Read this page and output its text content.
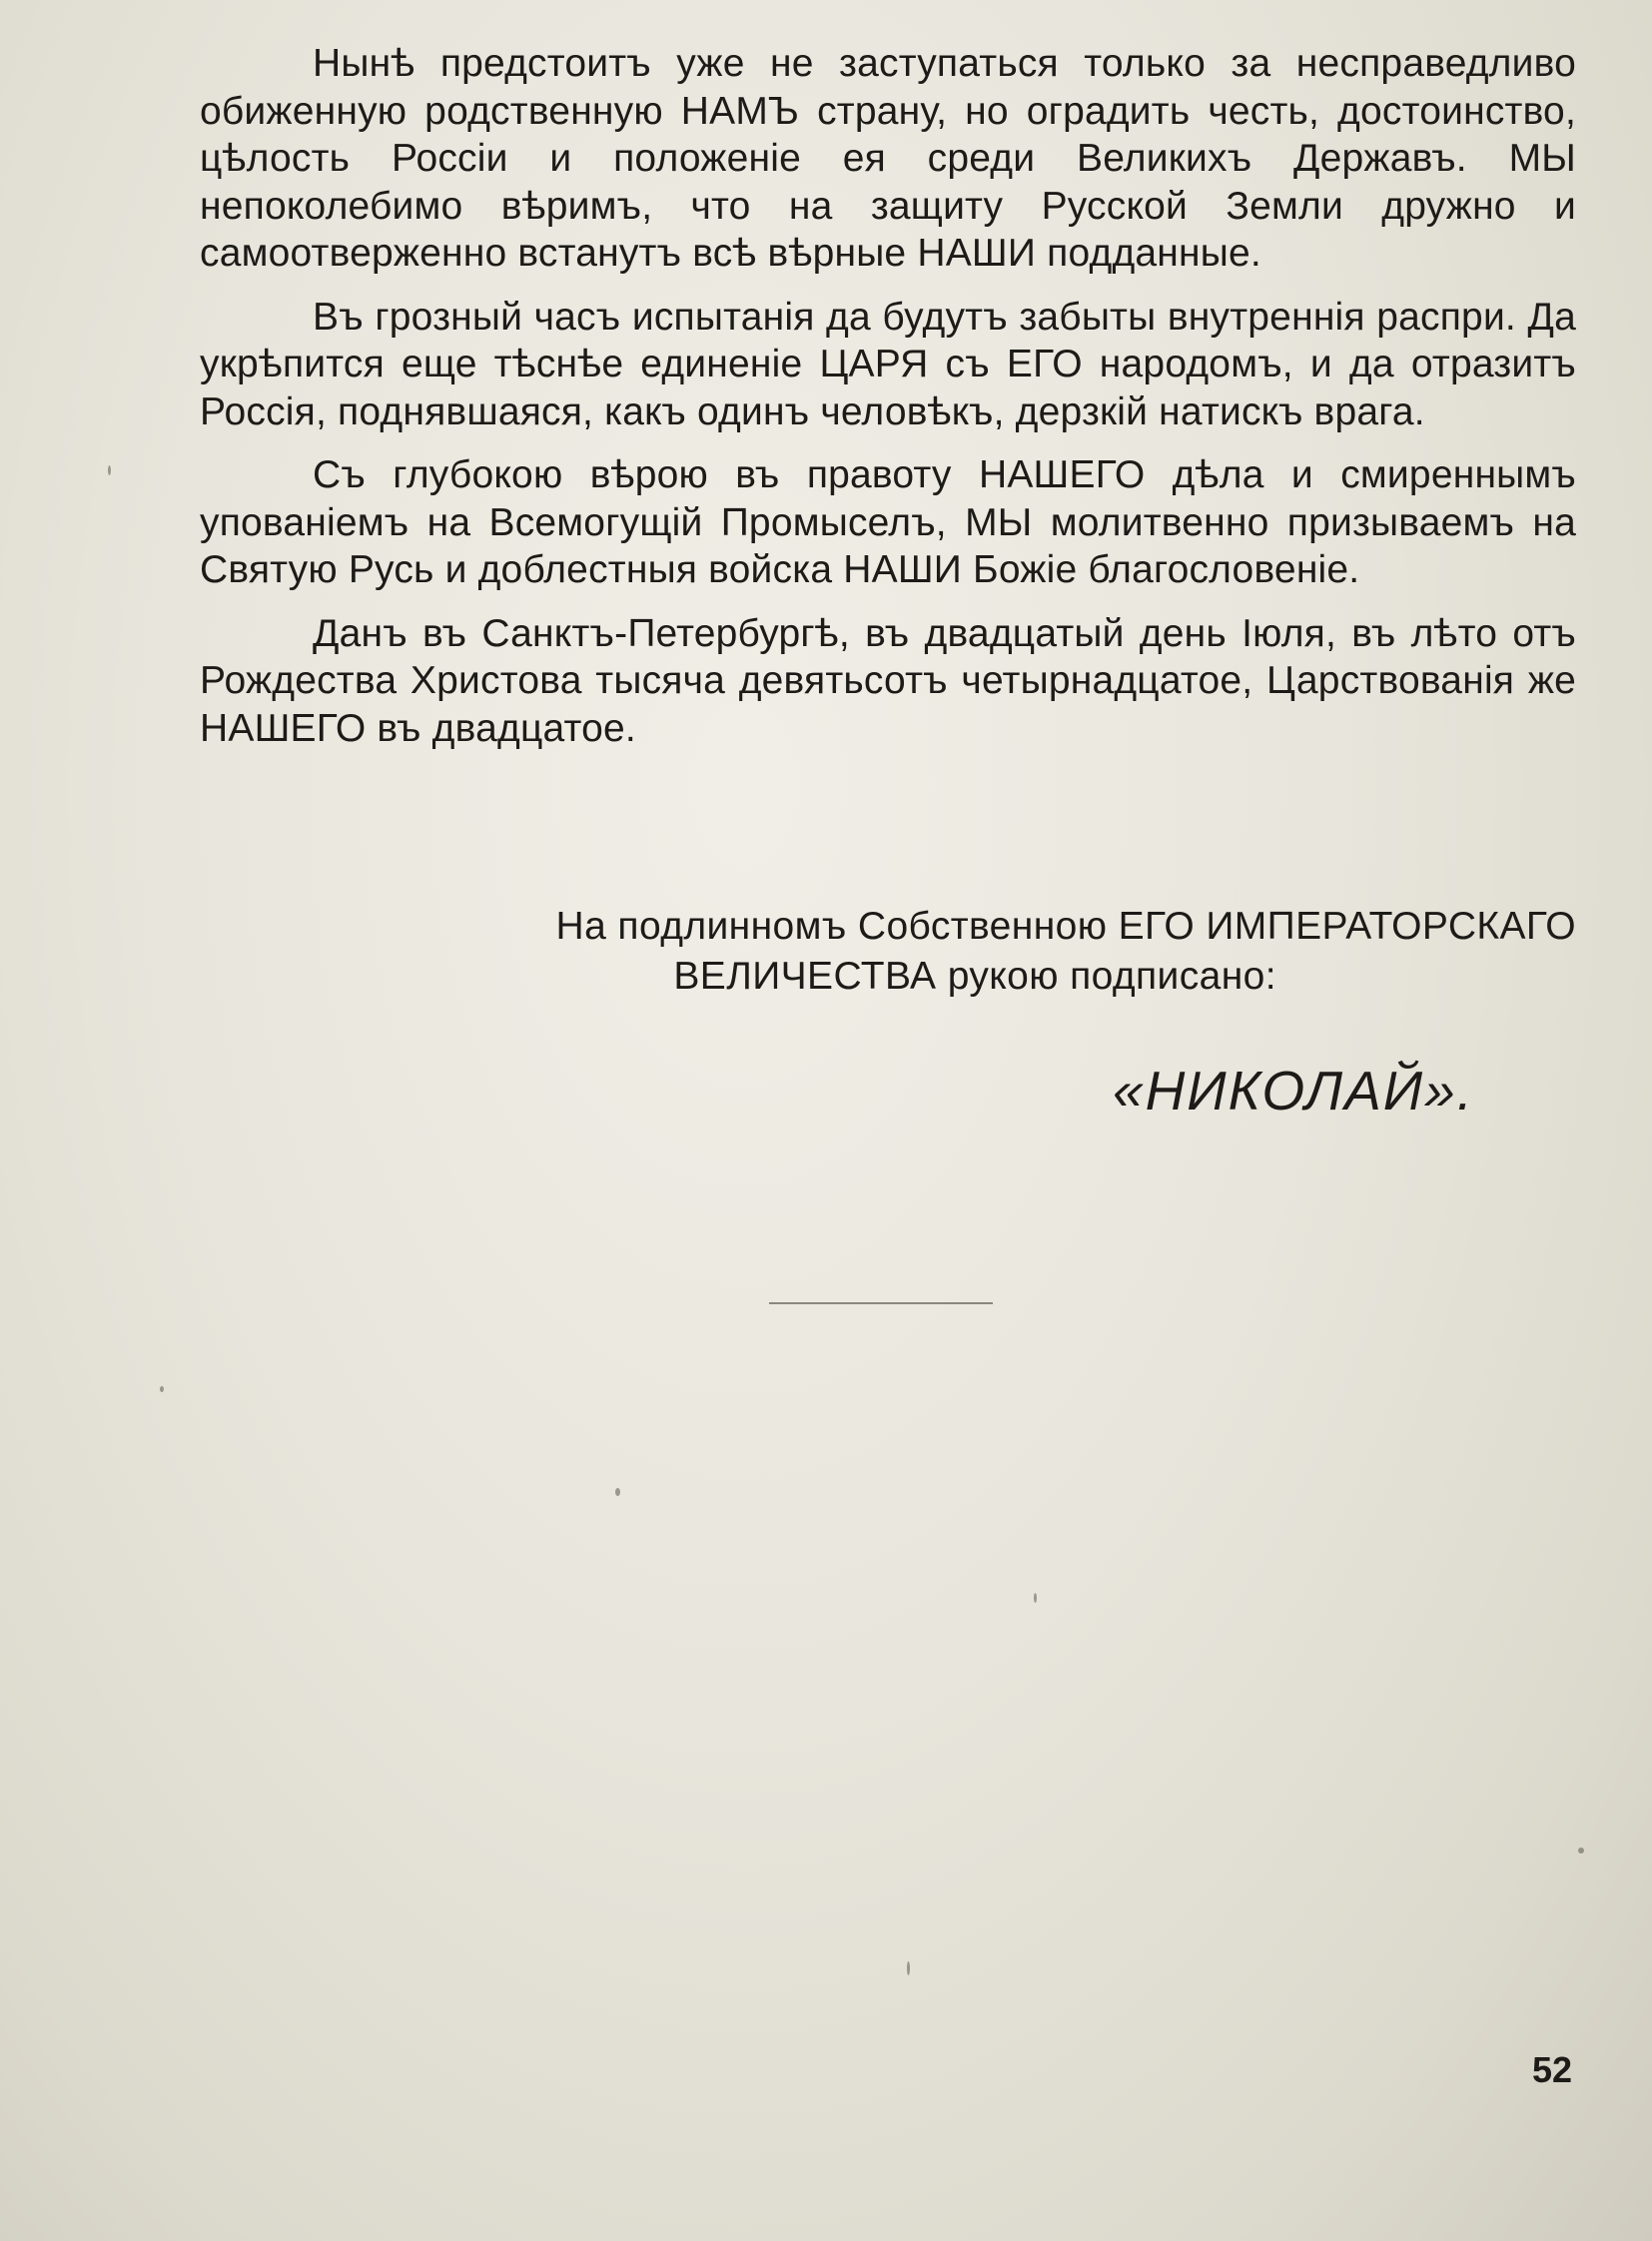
Нынѣ предстоитъ уже не заступаться только за несправедливо обиженную родственную НАМЪ страну, но оградить честь, достоинство, цѣлость Россіи и положеніе ея среди Великихъ Державъ. МЫ непоколебимо вѣримъ, что на защиту Русской Земли дружно и самоотверженно встанутъ всѣ вѣрные НАШИ подданные.

Въ грозный часъ испытанія да будутъ забыты внутреннія распри. Да укрѣпится еще тѣснѣе единеніе ЦАРЯ съ ЕГО народомъ, и да отразитъ Россія, поднявшаяся, какъ одинъ человѣкъ, дерзкій натискъ врага.

Съ глубокою вѣрою въ правоту НАШЕГО дѣла и смиреннымъ упованіемъ на Всемогущій Промыселъ, МЫ молитвенно призываемъ на Святую Русь и доблестныя войска НАШИ Божіе благословеніе.

Данъ въ Санктъ-Петербургѣ, въ двадцатый день Іюля, въ лѣто отъ Рождества Христова тысяча девятьсотъ четырнадцатое, Царствованія же НАШЕГО въ двадцатое.

На подлинномъ Собственною ЕГО ИМПЕРАТОРСКАГО
ВЕЛИЧЕСТВА рукою подписано:
«НИКОЛАЙ».
52
